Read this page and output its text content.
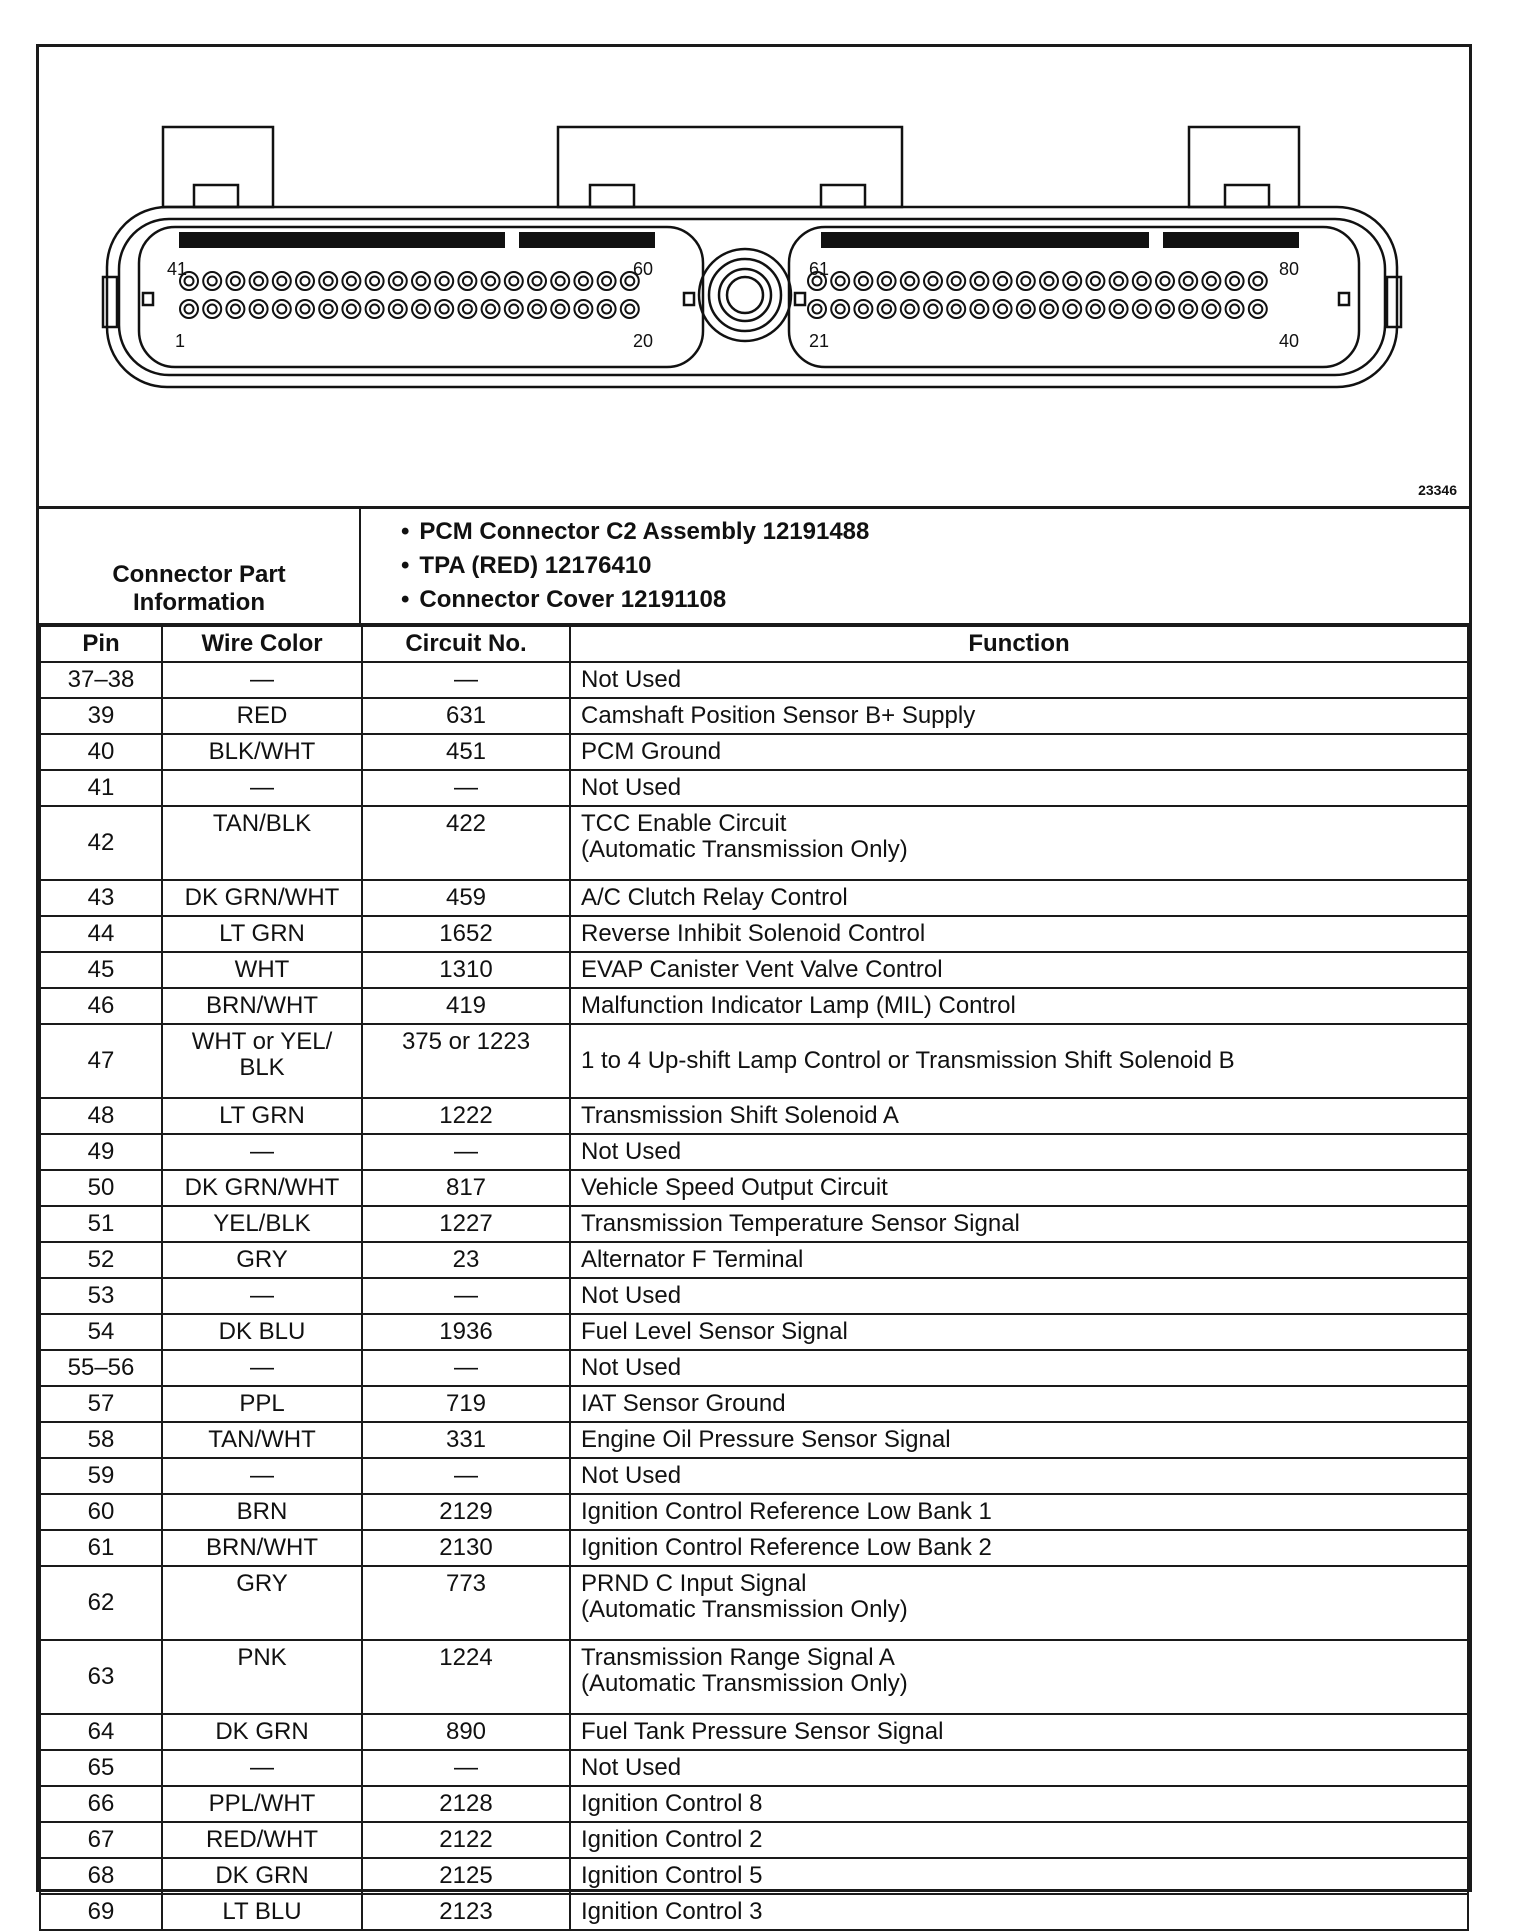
41	60
1	20
61	80
21	40
23346
Connector Part Information
• PCM Connector C2 Assembly 12191488
• TPA (RED) 12176410
• Connector Cover 12191108
Pin	Wire Color	Circuit No.	Function
37–38	—	—	Not Used

39	RED	631	Camshaft Position Sensor B+ Supply

40	BLK/WHT	451	PCM Ground

41	—	—	Not Used

42	TAN/BLK	422	TCC Enable Circuit
(Automatic Transmission Only)

43	DK GRN/WHT	459	A/C Clutch Relay Control

44	LT GRN	1652	Reverse Inhibit Solenoid Control

45	WHT	1310	EVAP Canister Vent Valve Control

46	BRN/WHT	419	Malfunction Indicator Lamp (MIL) Control

47	WHT or YEL/
BLK	375 or 1223	1 to 4 Up-shift Lamp Control or Transmission Shift Solenoid B

48	LT GRN	1222	Transmission Shift Solenoid A

49	—	—	Not Used

50	DK GRN/WHT	817	Vehicle Speed Output Circuit

51	YEL/BLK	1227	Transmission Temperature Sensor Signal

52	GRY	23	Alternator F Terminal

53	—	—	Not Used

54	DK BLU	1936	Fuel Level Sensor Signal

55–56	—	—	Not Used

57	PPL	719	IAT Sensor Ground

58	TAN/WHT	331	Engine Oil Pressure Sensor Signal

59	—	—	Not Used

60	BRN	2129	Ignition Control Reference Low Bank 1

61	BRN/WHT	2130	Ignition Control Reference Low Bank 2

62	GRY	773	PRND C Input Signal
(Automatic Transmission Only)

63	PNK	1224	Transmission Range Signal A
(Automatic Transmission Only)

64	DK GRN	890	Fuel Tank Pressure Sensor Signal

65	—	—	Not Used

66	PPL/WHT	2128	Ignition Control 8

67	RED/WHT	2122	Ignition Control 2

68	DK GRN	2125	Ignition Control 5

69	LT BLU	2123	Ignition Control 3
